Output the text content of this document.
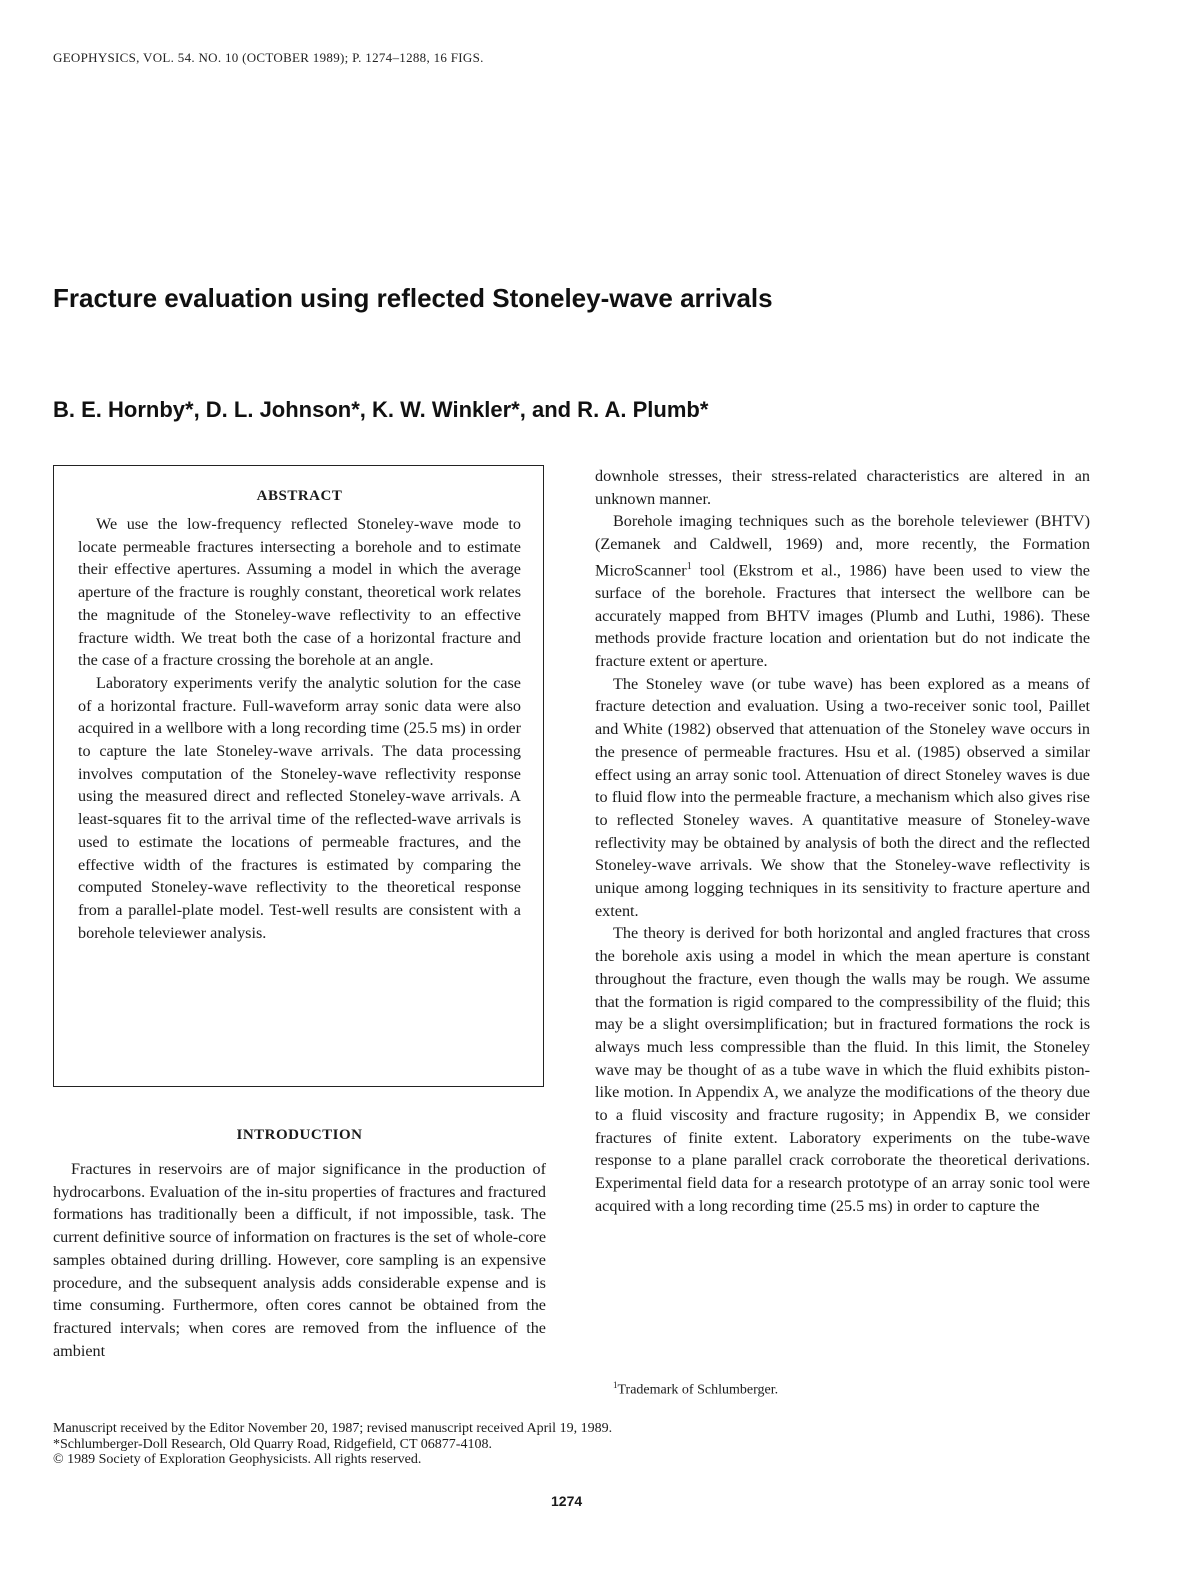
GEOPHYSICS, VOL. 54. NO. 10 (OCTOBER 1989); P. 1274–1288, 16 FIGS.
Fracture evaluation using reflected Stoneley-wave arrivals
B. E. Hornby*, D. L. Johnson*, K. W. Winkler*, and R. A. Plumb*
ABSTRACT

We use the low-frequency reflected Stoneley-wave mode to locate permeable fractures intersecting a borehole and to estimate their effective apertures. Assuming a model in which the average aperture of the fracture is roughly constant, theoretical work relates the magnitude of the Stoneley-wave reflectivity to an effective fracture width. We treat both the case of a horizontal fracture and the case of a fracture crossing the borehole at an angle.

Laboratory experiments verify the analytic solution for the case of a horizontal fracture. Full-waveform array sonic data were also acquired in a wellbore with a long recording time (25.5 ms) in order to capture the late Stoneley-wave arrivals. The data processing involves computation of the Stoneley-wave reflectivity response using the measured direct and reflected Stoneley-wave arrivals. A least-squares fit to the arrival time of the reflected-wave arrivals is used to estimate the locations of permeable fractures, and the effective width of the fractures is estimated by comparing the computed Stoneley-wave reflectivity to the theoretical response from a parallel-plate model. Test-well results are consistent with a borehole televiewer analysis.

INTRODUCTION

Fractures in reservoirs are of major significance in the production of hydrocarbons. Evaluation of the in-situ properties of fractures and fractured formations has traditionally been a difficult, if not impossible, task. The current definitive source of information on fractures is the set of whole-core samples obtained during drilling. However, core sampling is an expensive procedure, and the subsequent analysis adds considerable expense and is time consuming. Furthermore, often cores cannot be obtained from the fractured intervals; when cores are removed from the influence of the ambient

downhole stresses, their stress-related characteristics are altered in an unknown manner.

Borehole imaging techniques such as the borehole televiewer (BHTV) (Zemanek and Caldwell, 1969) and, more recently, the Formation MicroScanner$^1$ tool (Ekstrom et al., 1986) have been used to view the surface of the borehole. Fractures that intersect the wellbore can be accurately mapped from BHTV images (Plumb and Luthi, 1986). These methods provide fracture location and orientation but do not indicate the fracture extent or aperture.

The Stoneley wave (or tube wave) has been explored as a means of fracture detection and evaluation. Using a two-receiver sonic tool, Paillet and White (1982) observed that attenuation of the Stoneley wave occurs in the presence of permeable fractures. Hsu et al. (1985) observed a similar effect using an array sonic tool. Attenuation of direct Stoneley waves is due to fluid flow into the permeable fracture, a mechanism which also gives rise to reflected Stoneley waves. A quantitative measure of Stoneley-wave reflectivity may be obtained by analysis of both the direct and the reflected Stoneley-wave arrivals. We show that the Stoneley-wave reflectivity is unique among logging techniques in its sensitivity to fracture aperture and extent.

The theory is derived for both horizontal and angled fractures that cross the borehole axis using a model in which the mean aperture is constant throughout the fracture, even though the walls may be rough. We assume that the formation is rigid compared to the compressibility of the fluid; this may be a slight oversimplification; but in fractured formations the rock is always much less compressible than the fluid. In this limit, the Stoneley wave may be thought of as a tube wave in which the fluid exhibits piston-like motion. In Appendix A, we analyze the modifications of the theory due to a fluid viscosity and fracture rugosity; in Appendix B, we consider fractures of finite extent. Laboratory experiments on the tube-wave response to a plane parallel crack corroborate the theoretical derivations. Experimental field data for a research prototype of an array sonic tool were acquired with a long recording time (25.5 ms) in order to capture the

$^1$Trademark of Schlumberger.

Manuscript received by the Editor November 20, 1987; revised manuscript received April 19, 1989.
*Schlumberger-Doll Research, Old Quarry Road, Ridgefield, CT 06877-4108.
© 1989 Society of Exploration Geophysicists. All rights reserved.
1274
